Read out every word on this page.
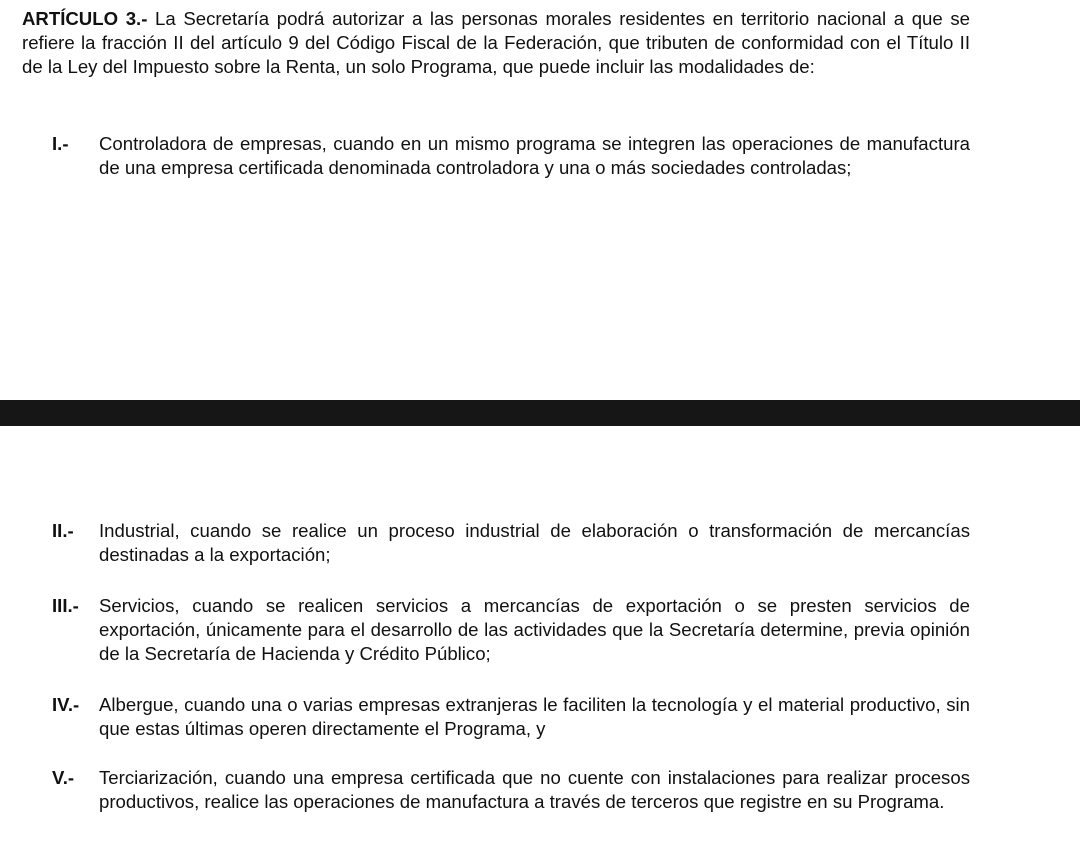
ARTÍCULO 3.- La Secretaría podrá autorizar a las personas morales residentes en territorio nacional a que se refiere la fracción II del artículo 9 del Código Fiscal de la Federación, que tributen de conformidad con el Título II de la Ley del Impuesto sobre la Renta, un solo Programa, que puede incluir las modalidades de:

I.- Controladora de empresas, cuando en un mismo programa se integren las operaciones de manufactura de una empresa certificada denominada controladora y una o más sociedades controladas;
II.- Industrial, cuando se realice un proceso industrial de elaboración o transformación de mercancías destinadas a la exportación;
III.- Servicios, cuando se realicen servicios a mercancías de exportación o se presten servicios de exportación, únicamente para el desarrollo de las actividades que la Secretaría determine, previa opinión de la Secretaría de Hacienda y Crédito Público;
IV.- Albergue, cuando una o varias empresas extranjeras le faciliten la tecnología y el material productivo, sin que estas últimas operen directamente el Programa, y
V.- Terciarización, cuando una empresa certificada que no cuente con instalaciones para realizar procesos productivos, realice las operaciones de manufactura a través de terceros que registre en su Programa.
